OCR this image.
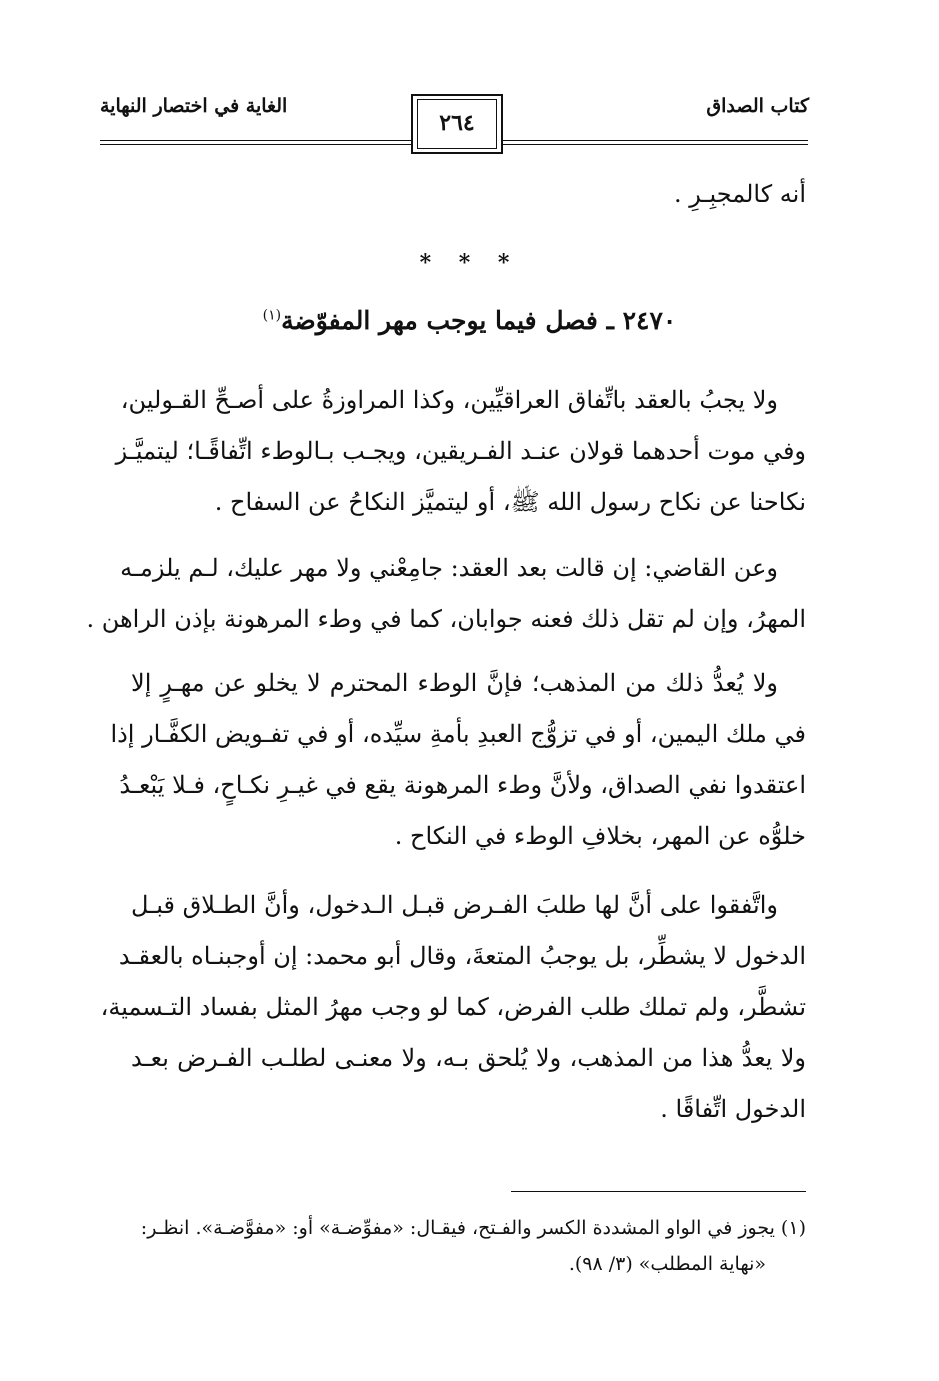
كتاب الصداق
الغاية في اختصار النهاية
٢٦٤
أنه كالمجبِـرِ .
* * *
٢٤٧٠ ـ فصل فيما يوجب مهر المفوّضة$^{(١)}$
ولا يجبُ بالعقد باتِّفاق العراقيِّين، وكذا المراوزةُ على أصـحِّ القـولين،
وفي موت أحدهما قولان عنـد الفـريقين، ويجـب بـالوطء اتِّفاقًـا؛ ليتميَّـز
نكاحنا عن نكاح رسول الله ﷺ، أو ليتميَّز النكاحُ عن السفاح .
وعن القاضي: إن قالت بعد العقد: جامِعْني ولا مهر عليك، لـم يلزمـه
المهرُ، وإن لم تقل ذلك فعنه جوابان، كما في وطء المرهونة بإذن الراهن .
ولا يُعدُّ ذلك من المذهب؛ فإنَّ الوطء المحترم لا يخلو عن مهـرٍ إلا
في ملك اليمين، أو في تزوُّج العبدِ بأمةِ سيِّده، أو في تفـويض الكفَّـار إذا
اعتقدوا نفي الصداق، ولأنَّ وطء المرهونة يقع في غيـرِ نكـاحٍ، فـلا يَبْعـدُ
خلوُّه عن المهر، بخلافِ الوطء في النكاح .
واتَّفقوا على أنَّ لها طلبَ الفـرض قبـل الـدخول، وأنَّ الطـلاق قبـل
الدخول لا يشطِّر، بل يوجبُ المتعةَ، وقال أبو محمد: إن أوجبنـاه بالعقـد
تشطَّر، ولم تملك طلب الفرض، كما لو وجب مهرُ المثل بفساد التـسمية،
ولا يعدُّ هذا من المذهب، ولا يُلحق بـه، ولا معنـى لطلـب الفـرض بعـد
الدخول اتِّفاقًا .
(١) يجوز في الواو المشددة الكسر والفـتح، فيقـال: «مفوِّضـة» أو: «مفوَّضـة». انظـر:
«نهاية المطلب» (٣/ ٩٨).
